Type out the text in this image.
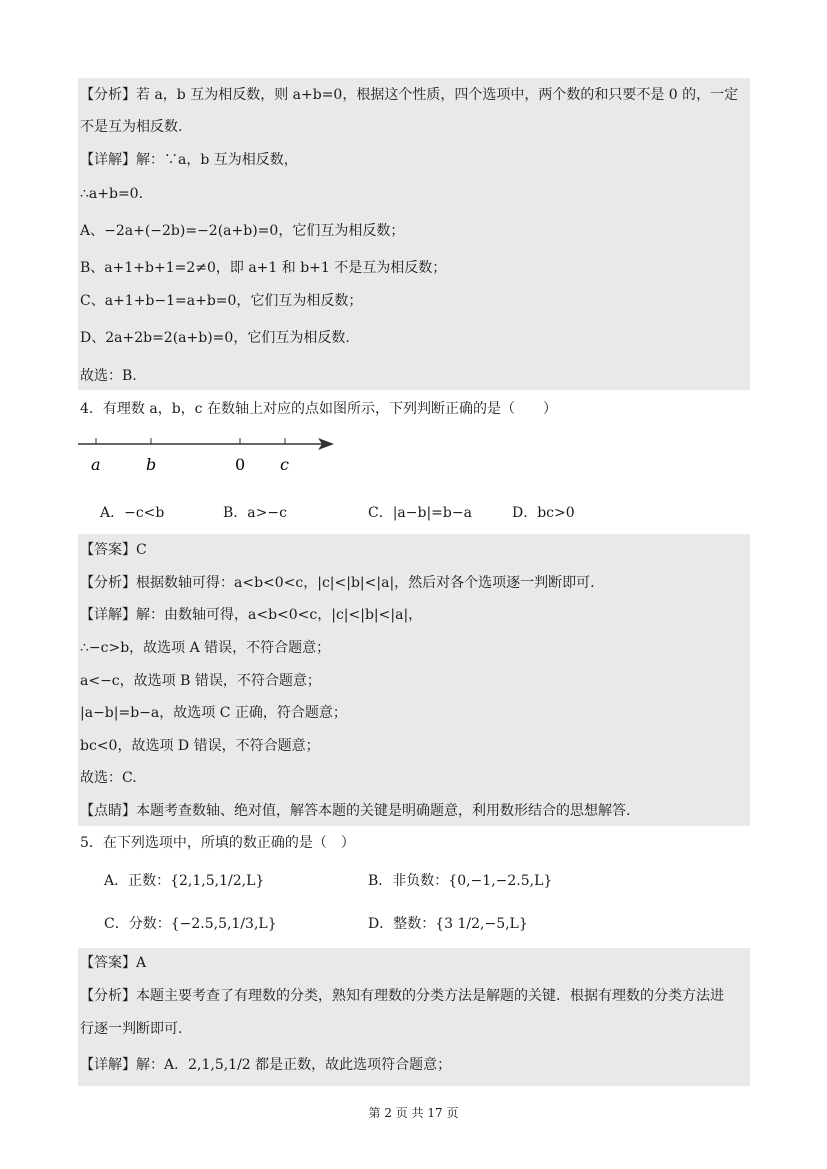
【分析】若 a，b 互为相反数，则 a+b=0，根据这个性质，四个选项中，两个数的和只要不是 0 的，一定
不是互为相反数.
【详解】解：∵a，b 互为相反数，
∴a+b=0.
A、−2a+(−2b)=−2(a+b)=0，它们互为相反数；
B、a+1+b+1=2≠0，即 a+1 和 b+1 不是互为相反数；
C、a+1+b−1=a+b=0，它们互为相反数；
D、2a+2b=2(a+b)=0，它们互为相反数.
故选：B.
4．有理数 a，b，c 在数轴上对应的点如图所示，下列判断正确的是（　　）
a	b	0 c
A．−c<b	B．a>−c	C．|a−b|=b−a	D．bc>0
【答案】C
【分析】根据数轴可得：a<b<0<c，|c|<|b|<|a|，然后对各个选项逐一判断即可.
【详解】解：由数轴可得，a<b<0<c，|c|<|b|<|a|，
∴−c>b，故选项 A 错误，不符合题意；
a<−c，故选项 B 错误，不符合题意；
|a−b|=b−a，故选项 C 正确，符合题意；
bc<0，故选项 D 错误，不符合题意；
故选：C.
【点睛】本题考查数轴、绝对值，解答本题的关键是明确题意，利用数形结合的思想解答.
5．在下列选项中，所填的数正确的是（　）
A．正数：{2,1,5,1/2,L}	B．非负数：{0,−1,−2.5,L}
C．分数：{−2.5,5,1/3,L}	D．整数：{3 1/2,−5,L}
【答案】A
【分析】本题主要考查了有理数的分类，熟知有理数的分类方法是解题的关键．根据有理数的分类方法进
行逐一判断即可.
【详解】解：A．2,1,5,1/2 都是正数，故此选项符合题意；
第 2 页 共 17 页
